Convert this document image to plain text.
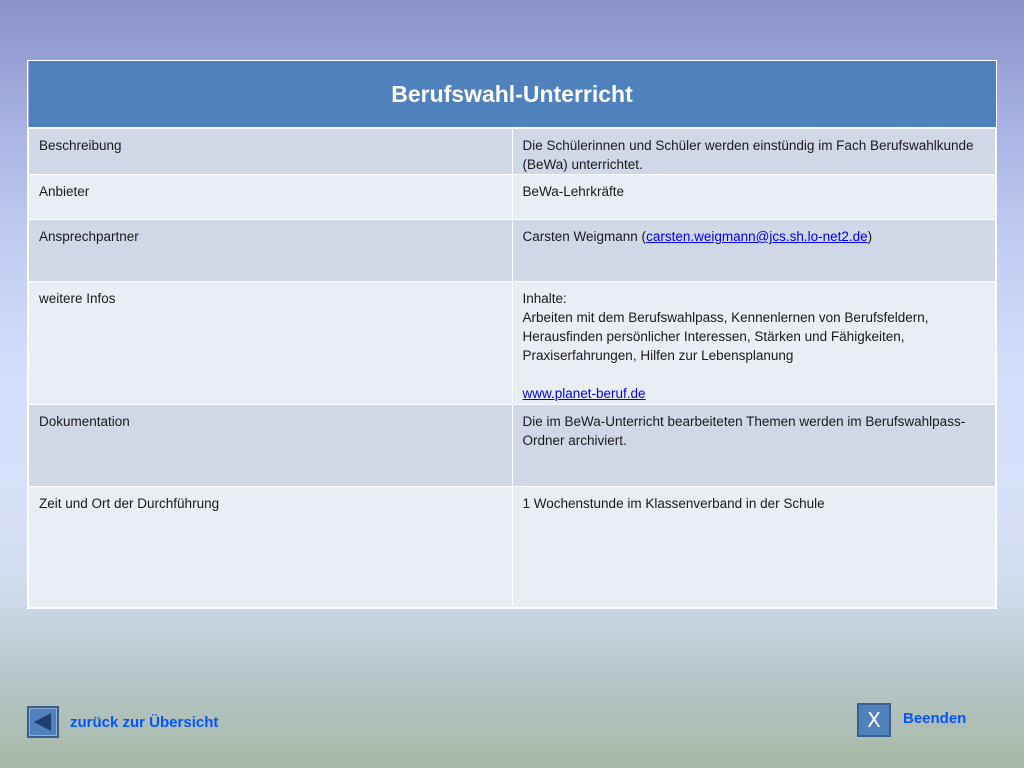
Berufswahl-Unterricht	
Beschreibung	Die Schülerinnen und Schüler werden einstündig im Fach Berufswahlkunde (BeWa) unterrichtet.
Anbieter	BeWa-Lehrkräfte
Ansprechpartner	Carsten Weigmann (carsten.weigmann@jcs.sh.lo-net2.de)
weitere Infos	Inhalte:
Arbeiten mit dem Berufswahlpass, Kennenlernen von Berufsfeldern, Herausfinden persönlicher Interessen, Stärken und Fähigkeiten, Praxiserfahrungen, Hilfen zur Lebensplanung
www.planet-beruf.de
Dokumentation	Die im BeWa-Unterricht bearbeiteten Themen werden im Berufswahlpass-Ordner archiviert.
Zeit und Ort der Durchführung	1 Wochenstunde im Klassenverband in der Schule
zurück zur Übersicht	X	Beenden
